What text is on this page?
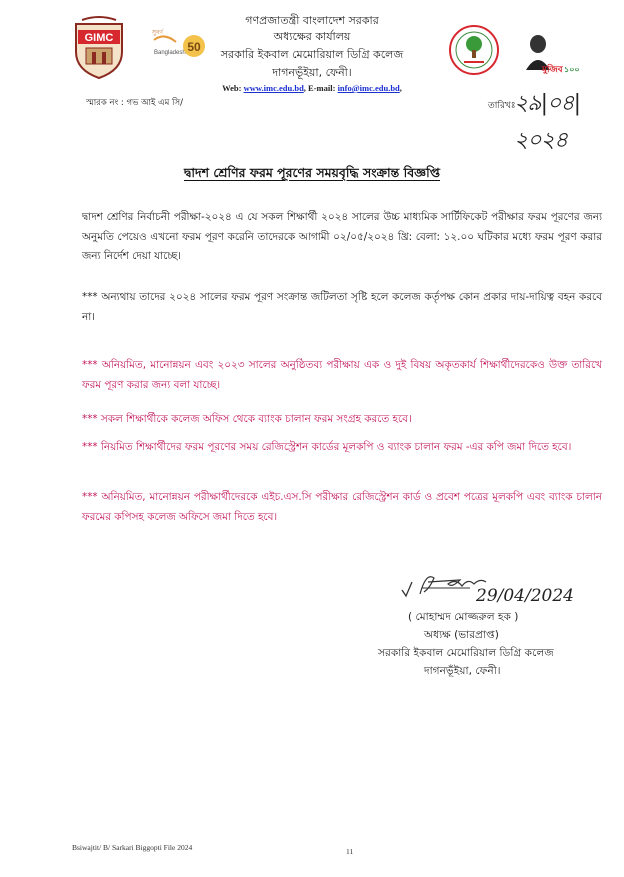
GIMC	সুবর্ণ
Bangladesh 50
মুজিব ১০০
গণপ্রজাতন্ত্রী বাংলাদেশ সরকার
অধ্যক্ষের কার্যালয়
সরকারি ইকবাল মেমোরিয়াল ডিগ্রি কলেজ
দাগনভূঁইয়া, ফেনী।
Web: www.imc.edu.bd, E-mail: info@imc.edu.bd,
স্মারক নং : গভ আই এম সি/	তারিখঃ
২৯|০৪|২০২৪
দ্বাদশ শ্রেণির ফরম পূরণের সময়বৃদ্ধি সংক্রান্ত বিজ্ঞপ্তি
দ্বাদশ শ্রেণির নির্বাচনী পরীক্ষা-২০২৪ এ যে সকল শিক্ষার্থী ২০২৪ সালের উচ্চ মাধ্যমিক সার্টিফিকেট পরীক্ষার ফরম পূরণের জন্য অনুমতি পেয়েও এখনো ফরম পূরণ করেনি তাদেরকে আগামী ০২/০৫/২০২৪ খ্রি: বেলা: ১২.০০ ঘটিকার মধ্যে ফরম পূরণ করার জন্য নির্দেশ দেয়া যাচ্ছে।
*** অন্যথায় তাদের ২০২৪ সালের ফরম পূরণ সংক্রান্ত জটিলতা সৃষ্টি হলে কলেজ কর্তৃপক্ষ কোন প্রকার দায়-দায়িত্ব বহন করবে না।
*** অনিয়মিত, মানোন্নয়ন এবং ২০২৩ সালের অনুষ্ঠিতব্য পরীক্ষায় এক ও দুই বিষয় অকৃতকার্য শিক্ষার্থীদেরকেও উক্ত তারিখে ফরম পূরণ করার জন্য বলা যাচ্ছে।
*** সকল শিক্ষার্থীকে কলেজ অফিস থেকে ব্যাংক চালান ফরম সংগ্রহ করতে হবে।
*** নিয়মিত শিক্ষার্থীদের ফরম পূরণের সময় রেজিস্ট্রেশন কার্ডের মূলকপি ও ব্যাংক চালান ফরম -এর কপি জমা দিতে হবে।
*** অনিয়মিত, মানোন্নয়ন পরীক্ষার্থীদেরকে এইচ.এস.সি পরীক্ষার রেজিস্ট্রেশন কার্ড ও প্রবেশ পত্রের মূলকপি এবং ব্যাংক চালান ফরমের কপিসহ কলেজ অফিসে জমা দিতে হবে।
29/04/2024
( মোহাম্মদ মোজ্জরুল হক )
অধ্যক্ষ (ভারপ্রাপ্ত)
সরকারি ইকবাল মেমোরিয়াল ডিগ্রি কলেজ
দাগনভূঁইয়া, ফেনী।
Bsiwajtit/ B/ Sarkari Biggopti File 2024	11
